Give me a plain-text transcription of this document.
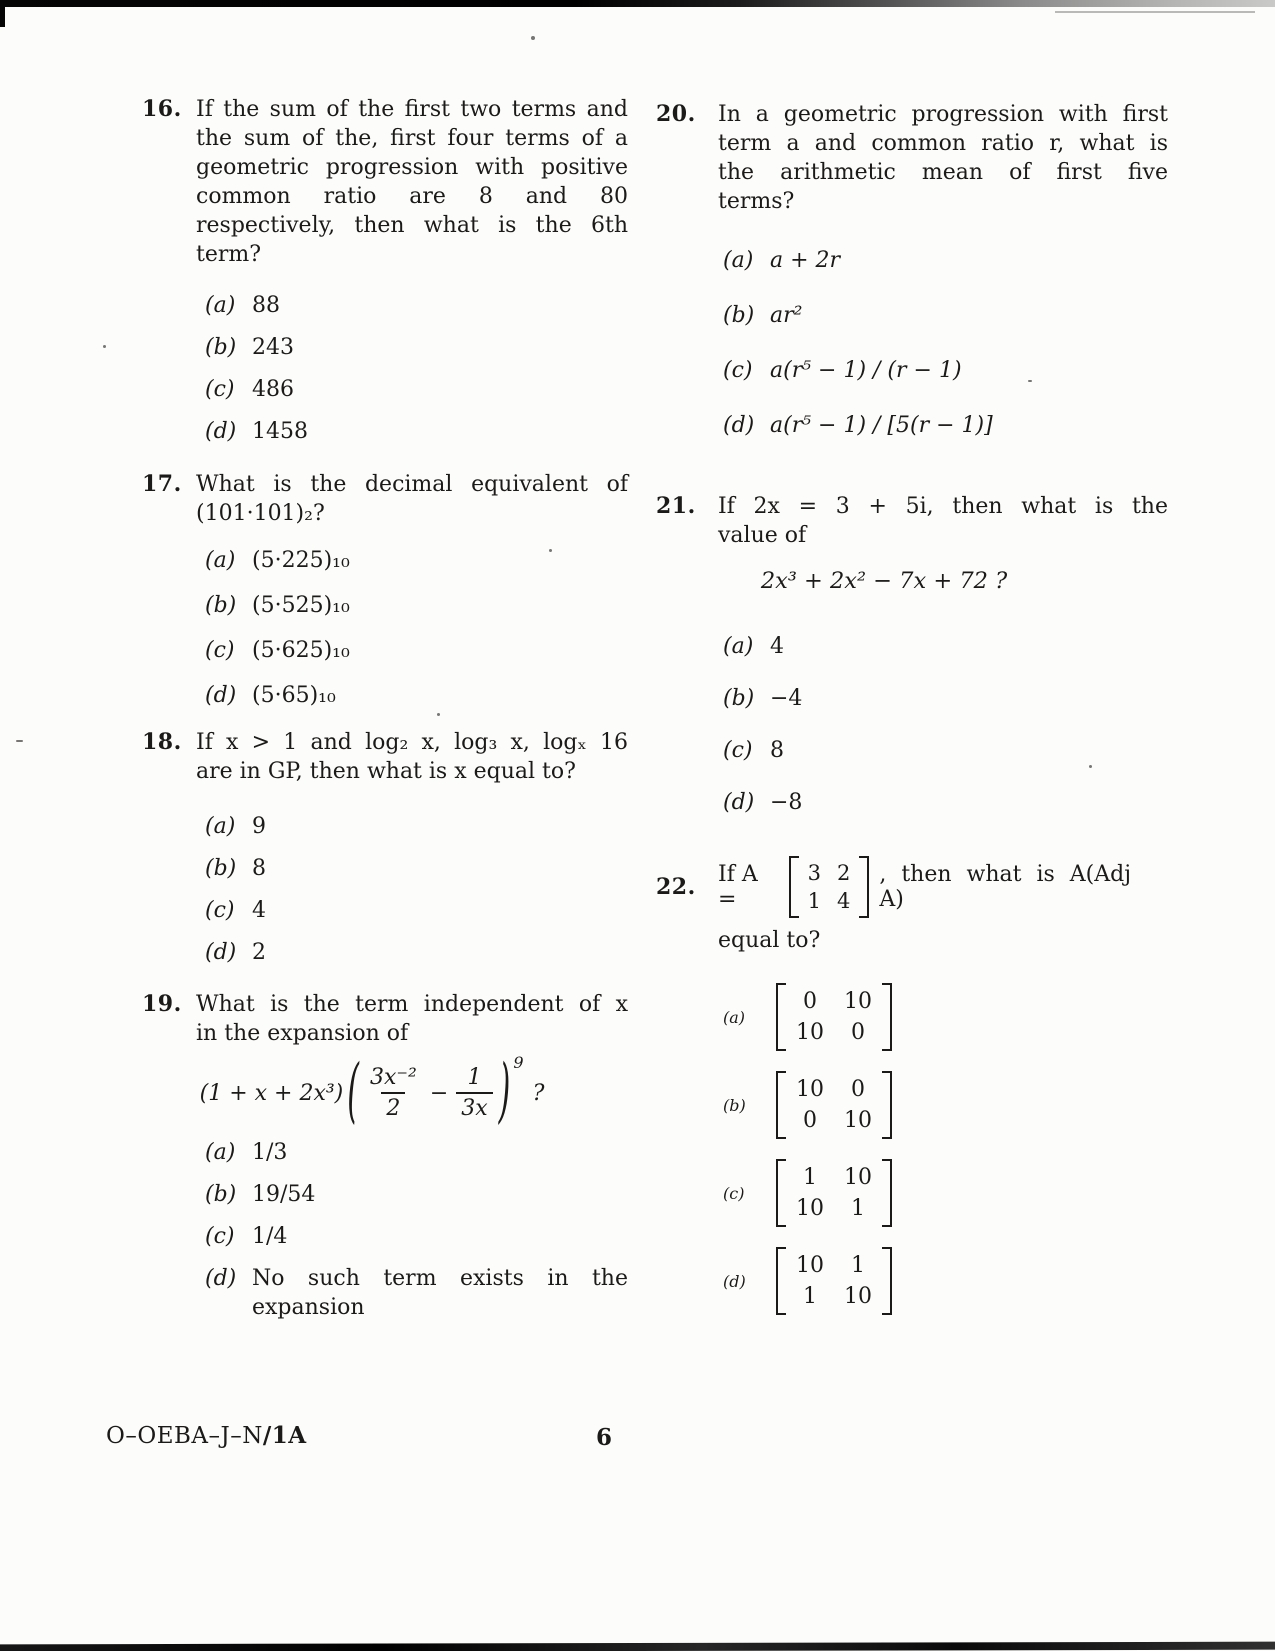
16. If the sum of the first two terms and
the sum of the, first four terms of a
geometric progression with positive
common ratio are 8 and 80
respectively, then what is the 6th
term?
(a) 88
(b) 243
(c) 486
(d) 1458
17. What is the decimal equivalent of
(101·101)₂?
(a) (5·225)₁₀
(b) (5·525)₁₀
(c) (5·625)₁₀
(d) (5·65)₁₀
18. If x > 1 and log₂ x, log₃ x, logₓ 16
are in GP, then what is x equal to?
(a) 9
(b) 8
(c) 4
(d) 2
19. What is the term independent of x
in the expansion of
(1 + x + 2x³) ( $\frac{\text{3x⁻²}}{2} - \frac{1}{3x}$ ) 9
?
(a) 1/3
(b) 19/54
(c) 1/4
(d) No such term exists in the
expansion
20.	In a geometric progression with first
term a and common ratio r, what is
the arithmetic mean of first five
terms?
(a) a + 2r
(b) ar²
(c) a(r⁵ − 1) / (r − 1)
(d) a(r⁵ − 1) / [5(r − 1)]
21.	If 2x = 3 + 5i, then what is the
value of
2x³ + 2x² − 7x + 72 ?
(a) 4
(b) −4
(c) 8
(d) −8
22.	If A =
3 2
1 4
, then what is A(Adj A)
equal to?
(a)
0 10
10 0
(b)
10 0
0 10
(c)
1 10
10 1
(d)
10 1
1 10
O–OEBA–J–N/1A	6
